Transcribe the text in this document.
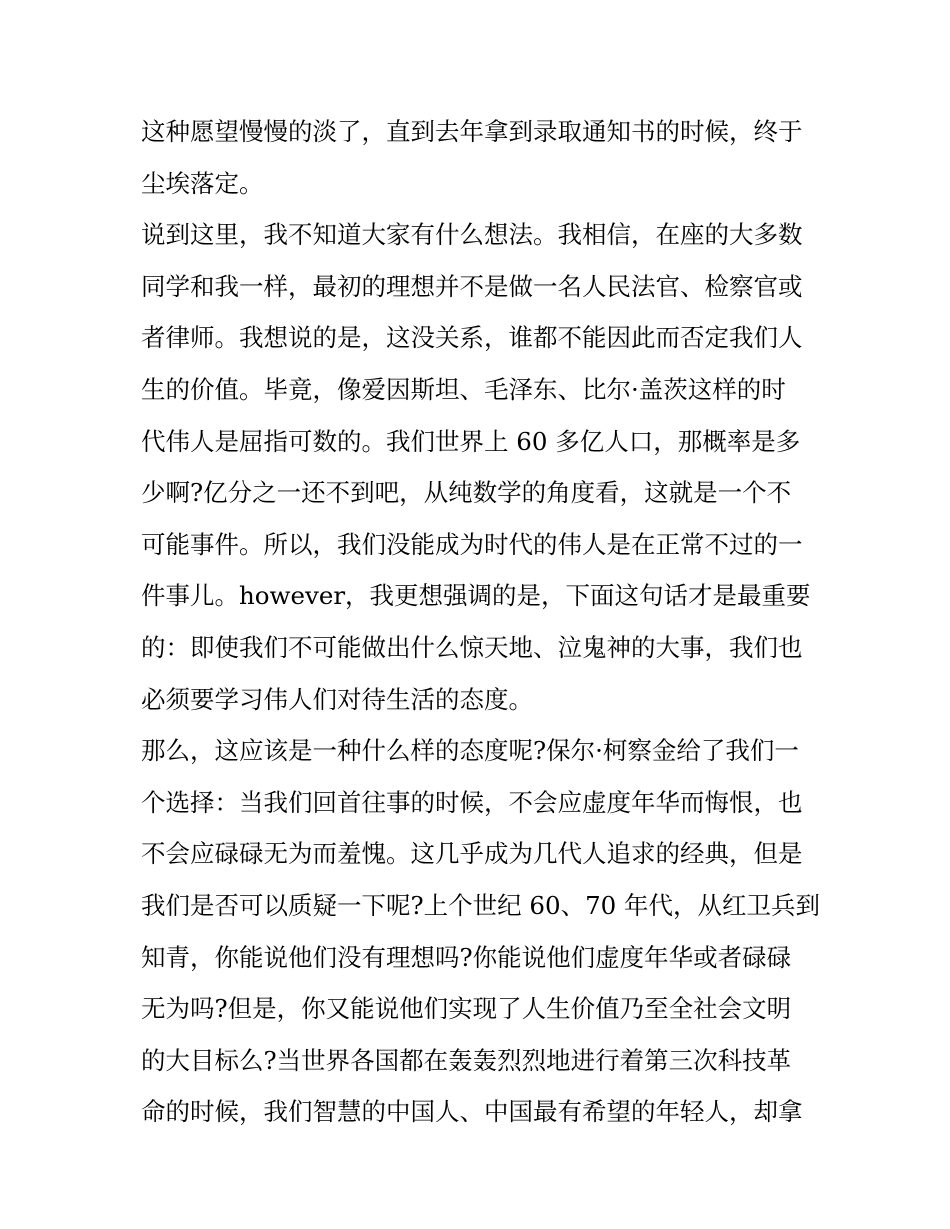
这种愿望慢慢的淡了，直到去年拿到录取通知书的时候，终于

尘埃落定。

说到这里，我不知道大家有什么想法。我相信，在座的大多数

同学和我一样，最初的理想并不是做一名人民法官、检察官或

者律师。我想说的是，这没关系，谁都不能因此而否定我们人

生的价值。毕竟，像爱因斯坦、毛泽东、比尔·盖茨这样的时

代伟人是屈指可数的。我们世界上 60 多亿人口，那概率是多

少啊?亿分之一还不到吧，从纯数学的角度看，这就是一个不

可能事件。所以，我们没能成为时代的伟人是在正常不过的一

件事儿。however，我更想强调的是，下面这句话才是最重要

的：即使我们不可能做出什么惊天地、泣鬼神的大事，我们也

必须要学习伟人们对待生活的态度。

那么，这应该是一种什么样的态度呢?保尔·柯察金给了我们一

个选择：当我们回首往事的时候，不会应虚度年华而悔恨，也

不会应碌碌无为而羞愧。这几乎成为几代人追求的经典，但是

我们是否可以质疑一下呢?上个世纪 60、70 年代，从红卫兵到

知青，你能说他们没有理想吗?你能说他们虚度年华或者碌碌

无为吗?但是，你又能说他们实现了人生价值乃至全社会文明

的大目标么?当世界各国都在轰轰烈烈地进行着第三次科技革

命的时候，我们智慧的中国人、中国最有希望的年轻人，却拿
